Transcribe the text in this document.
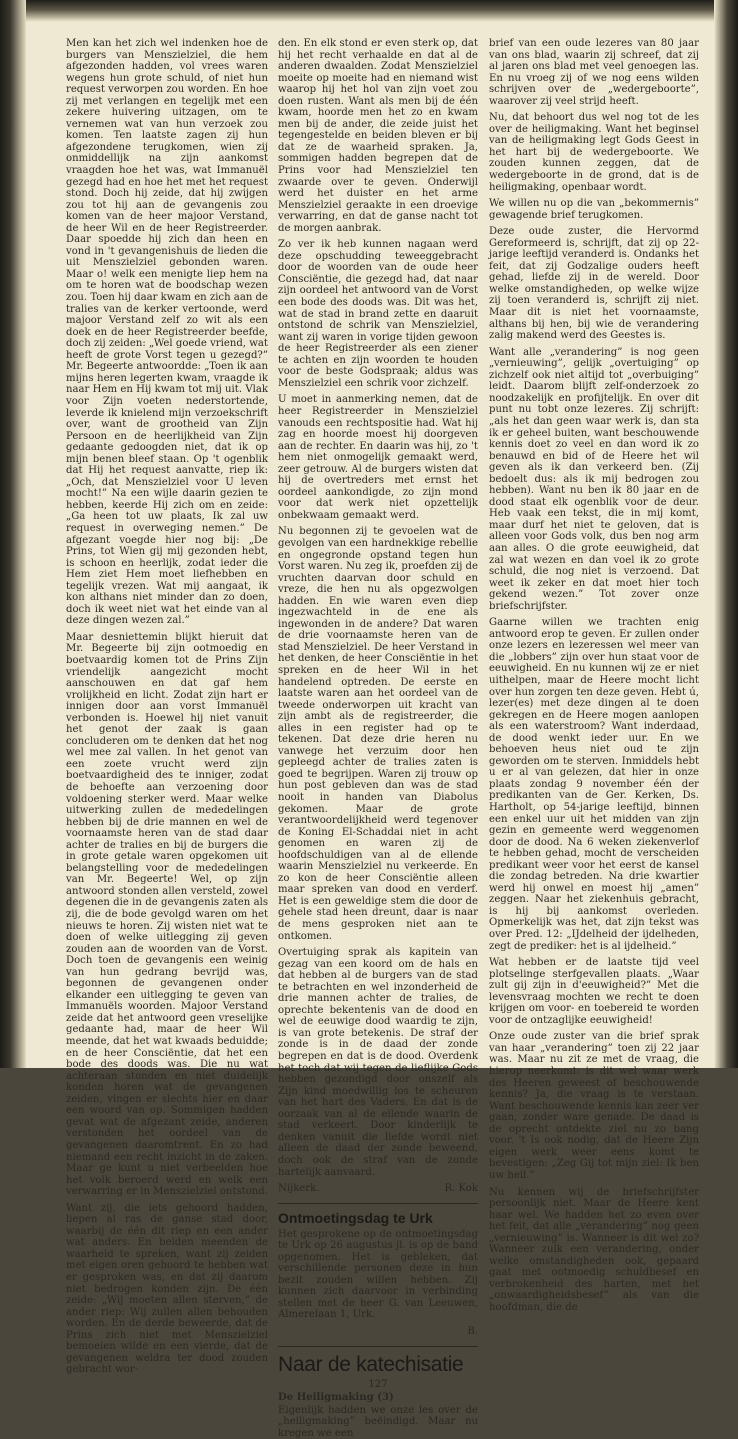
Men kan het zich wel indenken hoe de burgers van Menszielziel, die hem afgezonden hadden, vol vrees waren wegens hun grote schuld, of niet hun request verworpen zou worden. En hoe zij met verlangen en tegelijk met een zekere huivering uitzagen, om te vernemen wat van hun verzoek zou komen. Ten laatste zagen zij hun afgezondene terugkomen, wien zij onmiddellijk na zijn aankomst vraagden hoe het was, wat Immanuël gezegd had en hoe het met het request stond. Doch hij zeide, dat hij zwijgen zou tot hij aan de gevangenis zou komen van de heer majoor Verstand, de heer Wil en de heer Registreerder. Daar spoedde hij zich dan heen en vond in 't gevangenishuis de lieden die uit Menszielziel gebonden waren. Maar o! welk een menigte liep hem na om te horen wat de boodschap wezen zou. Toen hij daar kwam en zich aan de tralies van de kerker vertoonde, werd majoor Verstand zelf zo wit als een doek en de heer Registreerder beefde, doch zij zeiden: „Wel goede vriend, wat heeft de grote Vorst tegen u gezegd?” Mr. Begeerte antwoordde: „Toen ik aan mijns heren legerten kwam, vraagde ik naar Hem en Hij kwam tot mij uit. Vlak voor Zijn voeten nederstortende, leverde ik knielend mijn verzoekschrift over, want de grootheid van Zijn Persoon en de heerlijkheid van Zijn gedaante gedoogden niet, dat ik op mijn benen bleef staan. Op 't ogenblik dat Hij het request aanvatte, riep ik: „Och, dat Menszielziel voor U leven mocht!” Na een wijle daarin gezien te hebben, keerde Hij zich om en zeide: „Ga heen tot uw plaats, Ik zal uw request in overweging nemen.” De afgezant voegde hier nog bij: „De Prins, tot Wien gij mij gezonden hebt, is schoon en heerlijk, zodat ieder die Hem ziet Hem moet liefhebben en tegelijk vrezen. Wat mij aangaat, ik kon althans niet minder dan zo doen, doch ik weet niet wat het einde van al deze dingen wezen zal.”

Maar desniettemin blijkt hieruit dat Mr. Begeerte bij zijn ootmoedig en boetvaardig komen tot de Prins Zijn vriendelijk aangezicht mocht aanschouwen en dat gaf hem vrolijkheid en licht. Zodat zijn hart er innigen door aan vorst Immanuël verbonden is. Hoewel hij niet vanuit het genot der zaak is gaan concluderen om te denken dat het nog wel mee zal vallen. In het genot van een zoete vrucht werd zijn boetvaardigheid des te inniger, zodat de behoefte aan verzoening door voldoening sterker werd. Maar welke uitwerking zullen de mededelingen hebben bij de drie mannen en wel de voornaamste heren van de stad daar achter de tralies en bij de burgers die in grote getale waren opgekomen uit belangstelling voor de mededelingen van Mr. Begeerte! Wel, op zijn antwoord stonden allen versteld, zowel degenen die in de gevangenis zaten als zij, die de bode gevolgd waren om het nieuws te horen. Zij wisten niet wat te doen of welke uitlegging zij geven zouden aan de woorden van de Vorst. Doch toen de gevangenis een weinig van hun gedrang bevrijd was, begonnen de gevangenen onder elkander een uitlegging te geven van Immanuëls woorden. Majoor Verstand zeide dat het antwoord geen vreselijke gedaante had, maar de heer Wil meende, dat het wat kwaads beduidde; en de heer Consciëntie, dat het een bode des doods was. Die nu wat achteraan stonden en niet duidelijk konden horen wat de gevangenen zeiden, vingen er slechts hier en daar een woord van op. Sommigen hadden gevat wat de afgezant zeide, anderen verstonden het oordeel van de gevangenen daaromtrent. En zo had niemand een recht inzicht in de zaken. Maar ge kunt u niet verbeelden hoe het volk beroerd werd en welk een verwarring er in Menszielziel ontstond.

Want zij, die iets gehoord hadden, liepen al ras de ganse stad door, waarbij de één dit riep en een ander wat anders. En beiden meenden de waarheid te spreken, want zij zeiden met eigen oren gehoord te hebben wat er gesproken was, en dat zij daarom niet bedrogen konden zijn. De één zeide: „Wij moeten allen sterven,” de ander riep: Wij zullen allen behouden worden. En de derde beweerde, dat de Prins zich niet met Menszielziel bemoeien wilde en een vierde, dat de gevangenen weldra ter dood zouden gebracht wor-

den. En elk stond er even sterk op, dat hij het recht verhaalde en dat al de anderen dwaalden. Zodat Menszielziel moeite op moeite had en niemand wist waarop hij het hol van zijn voet zou doen rusten. Want als men bij de één kwam, hoorde men het zo en kwam men bij de ander, die zeide juist het tegengestelde en beiden bleven er bij dat ze de waarheid spraken. Ja, sommigen hadden begrepen dat de Prins voor had Menszielziel ten zwaarde over te geven. Onderwijl werd het duister en het arme Menszielziel geraakte in een droevige verwarring, en dat de ganse nacht tot de morgen aanbrak.

Zo ver ik heb kunnen nagaan werd deze opschudding teweeggebracht door de woorden van de oude heer Consciëntie, die gezegd had, dat naar zijn oordeel het antwoord van de Vorst een bode des doods was. Dit was het, wat de stad in brand zette en daaruit ontstond de schrik van Menszielziel, want zij waren in vorige tijden gewoon de heer Registreerder als een ziener te achten en zijn woorden te houden voor de beste Godspraak; aldus was Menszielziel een schrik voor zichzelf.

U moet in aanmerking nemen, dat de heer Registreerder in Menszielziel vanouds een rechtspositie had. Wat hij zag en hoorde moest hij doorgeven aan de rechter. En daarin was hij, zo 't hem niet onmogelijk gemaakt werd, zeer getrouw. Al de burgers wisten dat hij de overtreders met ernst het oordeel aankondigde, zo zijn mond voor dat werk niet opzettelijk onbekwaam gemaakt werd.

Nu begonnen zij te gevoelen wat de gevolgen van een hardnekkige rebellie en ongegronde opstand tegen hun Vorst waren. Nu zeg ik, proefden zij de vruchten daarvan door schuld en vreze, die hen nu als opgezwolgen hadden. En wie waren even diep ingezwachteld in de ene als ingewonden in de andere? Dat waren de drie voornaamste heren van de stad Menszielziel. De heer Verstand in het denken, de heer Consciëntie in het spreken en de heer Wil in het handelend optreden. De eerste en laatste waren aan het oordeel van de tweede onderworpen uit kracht van zijn ambt als de registreerder, die alles in een register had op te tekenen. Dat deze drie heren nu vanwege het verzuim door hen gepleegd achter de tralies zaten is goed te begrijpen. Waren zij trouw op hun post gebleven dan was de stad nooit in handen van Diabolus gekomen. Maar de grote verantwoordelijkheid werd tegenover de Koning El-Schaddai niet in acht genomen en waren zij de hoofdschuldigen van al de ellende waarin Menszielziel nu verkeerde. En zo kon de heer Consciëntie alleen maar spreken van dood en verderf. Het is een geweldige stem die door de gehele stad heen dreunt, daar is naar de mens gesproken niet aan te ontkomen.

Overtuiging sprak als kapitein van gezag van een koord om de hals en dat hebben al de burgers van de stad te betrachten en wel inzonderheid de drie mannen achter de tralies, de oprechte bekentenis van de dood en wel de eeuwige dood waardig te zijn, is van grote betekenis. De straf der zonde is in de daad der zonde begrepen en dat is de dood. Overdenk het toch dat wij tegen de lieflijke Gods hebben gezondigd door onszelf als Zijn kind moedwillig los te scheuren van het hart des Vaders. En dat is de oorzaak van al de ellende waarin de stad verkeert. Door kinderlijk te denken vanuit die liefde wordt niet alleen de daad der zonde beweend, doch ook de straf van de zonde hartelijk aanvaard.

Nijkerk.	R. Kok
Ontmoetingsdag te Urk

Het gesprokene op de ontmoetingsdag te Urk op 26 augustus jl. is op de band opgenomen. Het is gebleken, dat verschillende personen deze in hun bezit zouden willen hebben. Zij kunnen zich daarvoor in verbinding stellen met de heer G. van Leeuwen, Almerelaan 1, Urk.

B.
Naar de katechisatie
127
De Heiligmaking (3)

Eigenlijk hadden we onze les over de „heiligmaking” beëindigd. Maar nu kregen we een

brief van een oude lezeres van 80 jaar van ons blad, waarin zij schreef, dat zij al jaren ons blad met veel genoegen las. En nu vroeg zij of we nog eens wilden schrijven over de „wedergeboorte”, waarover zij veel strijd heeft.

Nu, dat behoort dus wel nog tot de les over de heiligmaking. Want het beginsel van de heiligmaking legt Gods Geest in het hart bij de wedergeboorte. We zouden kunnen zeggen, dat de wedergeboorte in de grond, dat is de heiligmaking, openbaar wordt.

We willen nu op die van „bekommernis” gewagende brief terugkomen.

Deze oude zuster, die Hervormd Gereformeerd is, schrijft, dat zij op 22-jarige leeftijd veranderd is. Ondanks het feit, dat zij Godzalige ouders heeft gehad, liefde zij in de wereld. Door welke omstandigheden, op welke wijze zij toen veranderd is, schrijft zij niet. Maar dit is niet het voornaamste, althans bij hen, bij wie de verandering zalig makend werd des Geestes is.

Want alle „verandering” is nog geen „vernieuwing”, gelijk „overtuiging” op zichzelf ook niet altijd tot „overbuiging” leidt. Daarom blijft zelf-onderzoek zo noodzakelijk en profijtelijk. En over dit punt nu tobt onze lezeres. Zij schrijft: „als het dan geen waar werk is, dan sta ik er geheel buiten, want beschouwende kennis doet zo veel en dan word ik zo benauwd en bid of de Heere het wil geven als ik dan verkeerd ben. (Zij bedoelt dus: als ik mij bedrogen zou hebben). Want nu ben ik 80 jaar en de dood staat elk ogenblik voor de deur. Heb vaak een tekst, die in mij komt, maar durf het niet te geloven, dat is alleen voor Gods volk, dus ben nog arm aan alles. O die grote eeuwigheid, dat zal wat wezen en dan voel ik zo grote schuld, die nog niet is verzoend. Dat weet ik zeker en dat moet hier toch gekend wezen.” Tot zover onze briefschrijfster.

Gaarne willen we trachten enig antwoord erop te geven. Er zullen onder onze lezers en lezeressen wel meer van die „lobbers” zijn over hun staat voor de eeuwigheid. En nu kunnen wij ze er niet uithelpen, maar de Heere mocht licht over hun zorgen ten deze geven. Hebt ú, lezer(es) met deze dingen al te doen gekregen en de Heere mogen aanlopen als een waterstroom? Want inderdaad, de dood wenkt ieder uur. En we behoeven heus niet oud te zijn geworden om te sterven. Inmiddels hebt u er al van gelezen, dat hier in onze plaats zondag 9 november één der predikanten van de Ger. Kerken, Ds. Hartholt, op 54-jarige leeftijd, binnen een enkel uur uit het midden van zijn gezin en gemeente werd weggenomen door de dood. Na 6 weken ziekenverlof te hebben gehad, mocht de verscheiden predikant weer voor het eerst de kansel die zondag betreden. Na drie kwartier werd hij onwel en moest hij „amen” zeggen. Naar het ziekenhuis gebracht, is hij bij aankomst overleden. Opmerkelijk was het, dat zijn tekst was over Pred. 12: „IJdelheid der ijdelheden, zegt de prediker: het is al ijdelheid.”

Wat hebben er de laatste tijd veel plotselinge sterfgevallen plaats. „Waar zult gij zijn in d'eeuwigheid?” Met die levensvraag mochten we recht te doen krijgen om voor- en toebereid te worden voor de ontzaglijke eeuwigheid!

Onze oude zuster van die brief sprak van haar „verandering” toen zij 22 jaar was. Maar nu zit ze met de vraag, die hierop neerkomt: is dit wel waar werk des Heeren geweest of beschouwende kennis? Ja, die vraag is te verstaan. Want beschouwende kennis kan zeer ver gaan, zonder ware genade. De daad is de oprecht ontdekte ziel nu zo bang voor. 't Is ook nodig, dat de Heere Zijn eigen werk weer eens komt te bevestigen: „Zeg Gij tot mijn ziel: Ik ben uw heil.”

Nu kennen wij de briefschrijfster persoonlijk niet. Maar de Heere kent haar wel. We hadden het zo even over het feit, dat alle „verandering” nog geen „vernieuwing” is. Wanneer is dit wel zo? Wanneer zulk een verandering, onder welke omstandigheden ook, gepaard gaat met ootmoedig schuldbesef en verbrokenheid des harten, met het „onwaardigheidsbesef” als van die hoofdman, die de
